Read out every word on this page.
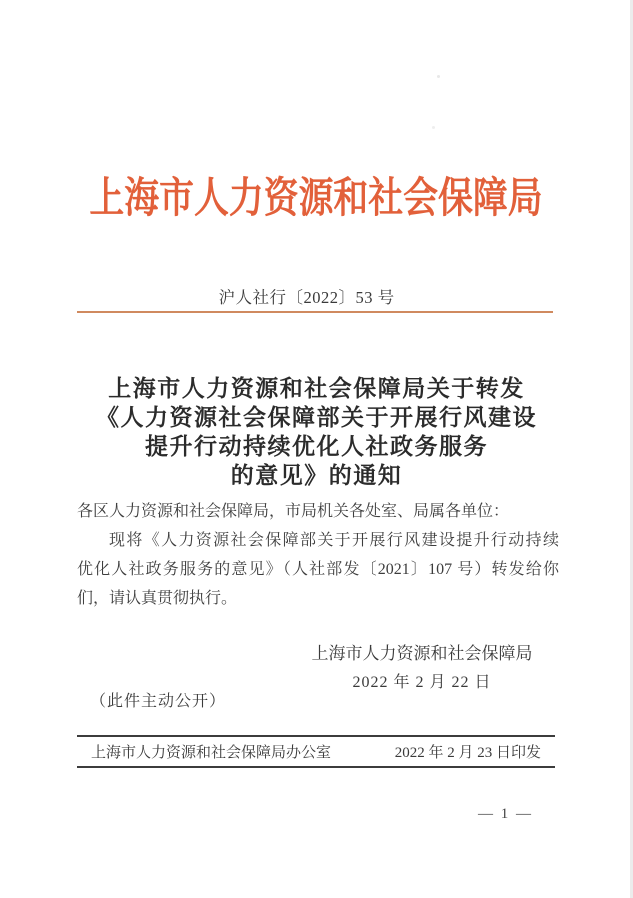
上海市人力资源和社会保障局
沪人社行〔2022〕53 号
上海市人力资源和社会保障局关于转发
《人力资源社会保障部关于开展行风建设
提升行动持续优化人社政务服务
的意见》的通知
各区人力资源和社会保障局，市局机关各处室、局属各单位：
现将《人力资源社会保障部关于开展行风建设提升行动持续
优化人社政务服务的意见》（人社部发〔2021〕107 号）转发给你
们，请认真贯彻执行。
上海市人力资源和社会保障局
2022 年 2 月 22 日
（此件主动公开）
上海市人力资源和社会保障局办公室	2022 年 2 月 23 日印发
— 1 —
